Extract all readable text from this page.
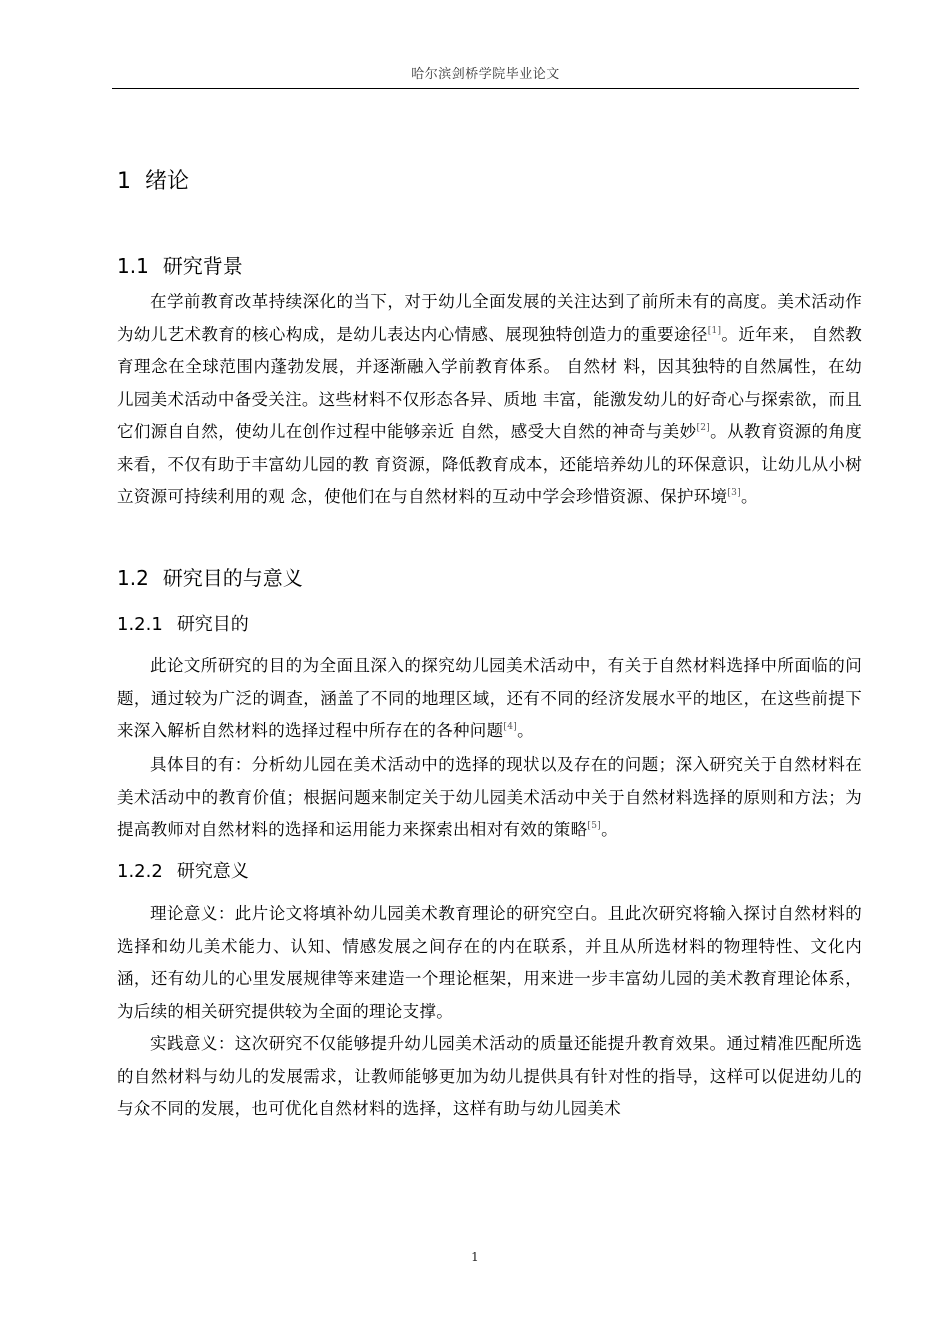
哈尔滨剑桥学院毕业论文
1 绪论
1.1 研究背景

在学前教育改革持续深化的当下，对于幼儿全面发展的关注达到了前所未有的高度。美术活动作为幼儿艺术教育的核心构成，是幼儿表达内心情感、展现独特创造力的重要途径[1]。近年来， 自然教育理念在全球范围内蓬勃发展，并逐渐融入学前教育体系。 自然材 料，因其独特的自然属性，在幼儿园美术活动中备受关注。这些材料不仅形态各异、质地 丰富，能激发幼儿的好奇心与探索欲，而且它们源自自然，使幼儿在创作过程中能够亲近 自然，感受大自然的神奇与美妙[2]。从教育资源的角度来看，不仅有助于丰富幼儿园的教 育资源，降低教育成本，还能培养幼儿的环保意识，让幼儿从小树立资源可持续利用的观 念，使他们在与自然材料的互动中学会珍惜资源、保护环境[3]。

1.2 研究目的与意义
1.2.1 研究目的

此论文所研究的目的为全面且深入的探究幼儿园美术活动中，有关于自然材料选择中所面临的问题，通过较为广泛的调查，涵盖了不同的地理区域，还有不同的经济发展水平的地区，在这些前提下来深入解析自然材料的选择过程中所存在的各种问题[4]。

具体目的有：分析幼儿园在美术活动中的选择的现状以及存在的问题；深入研究关于自然材料在美术活动中的教育价值；根据问题来制定关于幼儿园美术活动中关于自然材料选择的原则和方法；为提高教师对自然材料的选择和运用能力来探索出相对有效的策略[5]。

1.2.2 研究意义

理论意义：此片论文将填补幼儿园美术教育理论的研究空白。且此次研究将输入探讨自然材料的选择和幼儿美术能力、认知、情感发展之间存在的内在联系，并且从所选材料的物理特性、文化内涵，还有幼儿的心里发展规律等来建造一个理论框架，用来进一步丰富幼儿园的美术教育理论体系，为后续的相关研究提供较为全面的理论支撑。

实践意义：这次研究不仅能够提升幼儿园美术活动的质量还能提升教育效果。通过精准匹配所选的自然材料与幼儿的发展需求，让教师能够更加为幼儿提供具有针对性的指导，这样可以促进幼儿的与众不同的发展，也可优化自然材料的选择，这样有助与幼儿园美术

1
